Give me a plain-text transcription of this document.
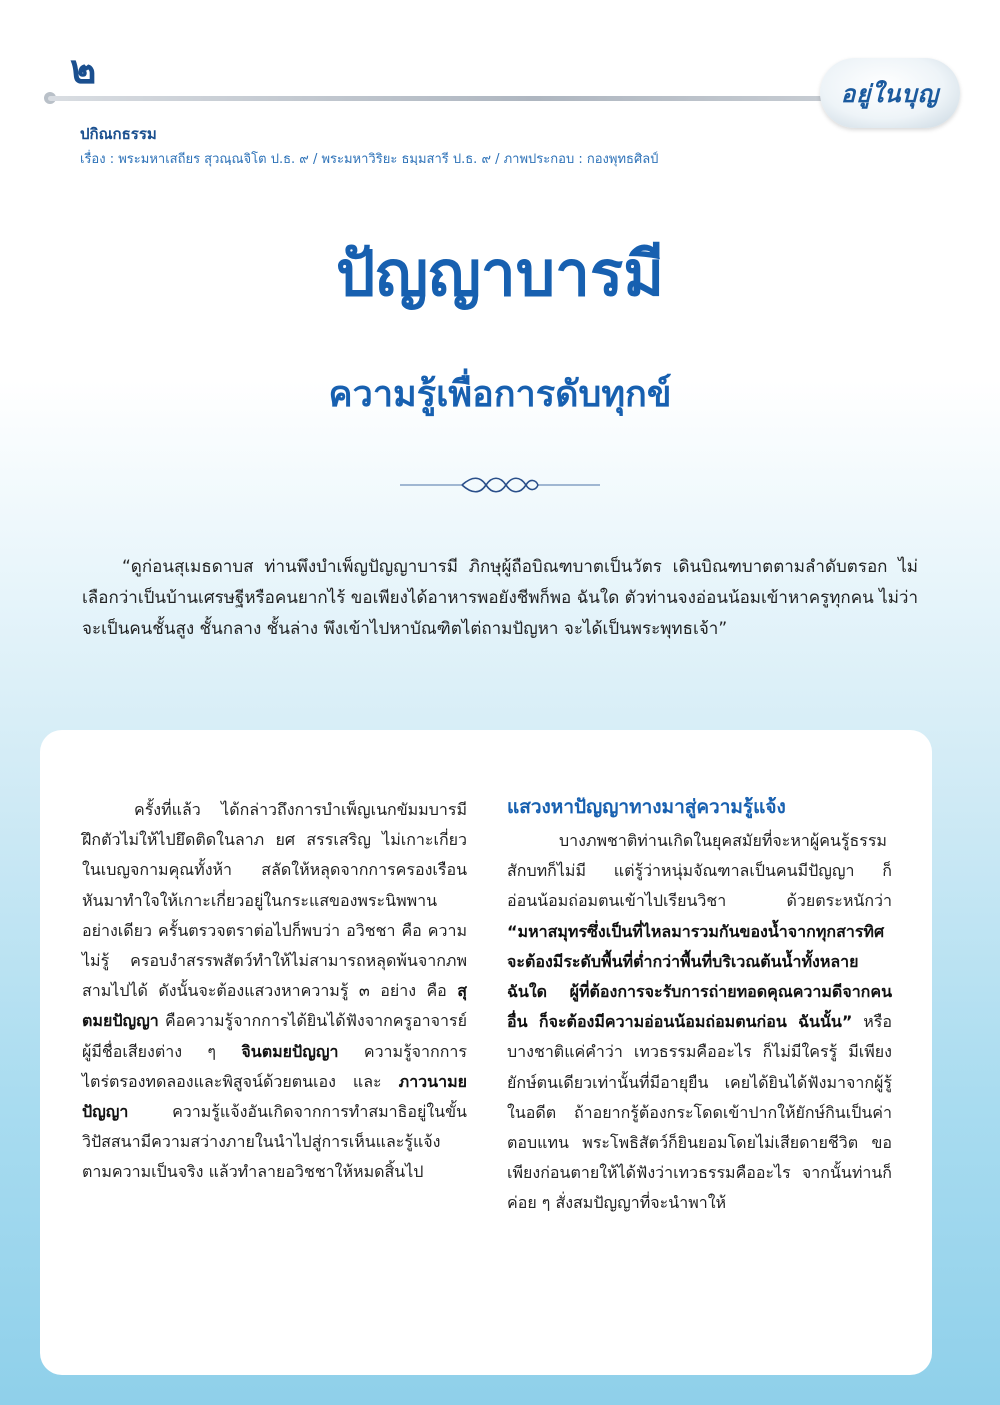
๒
อยู่ในบุญ
ปกิณกธรรม
เรื่อง : พระมหาเสถียร สุวณฺณจิโต ป.ธ. ๙ / พระมหาวิริยะ ธมฺมสารี ป.ธ. ๙ / ภาพประกอบ : กองพุทธศิลป์
ปัญญาบารมี
ความรู้เพื่อการดับทุกข์
“ดูก่อนสุเมธดาบส ท่านพึงบำเพ็ญปัญญาบารมี ภิกษุผู้ถือบิณฑบาตเป็นวัตร เดินบิณฑบาตตามลำดับตรอก ไม่เลือกว่าเป็นบ้านเศรษฐีหรือคนยากไร้ ขอเพียงได้อาหารพอยังชีพก็พอ ฉันใด ตัวท่านจงอ่อนน้อมเข้าหาครูทุกคน ไม่ว่าจะเป็นคนชั้นสูง ชั้นกลาง ชั้นล่าง พึงเข้าไปหาบัณฑิตไต่ถามปัญหา จะได้เป็นพระพุทธเจ้า”

ครั้งที่แล้ว ได้กล่าวถึงการบำเพ็ญเนกขัมมบารมี ฝึกตัวไม่ให้ไปยึดติดในลาภ ยศ สรรเสริญ ไม่เกาะเกี่ยวในเบญจกามคุณทั้งห้า สลัดให้หลุดจากการครองเรือน หันมาทำใจให้เกาะเกี่ยวอยู่ในกระแสของพระนิพพานอย่างเดียว ครั้นตรวจตราต่อไปก็พบว่า อวิชชา คือ ความไม่รู้ ครอบงำสรรพสัตว์ทำให้ไม่สามารถหลุดพ้นจากภพสามไปได้ ดังนั้นจะต้องแสวงหาความรู้ ๓ อย่าง คือ สุตมยปัญญา คือความรู้จากการได้ยินได้ฟังจากครูอาจารย์ผู้มีชื่อเสียงต่าง ๆ จินตมยปัญญา ความรู้จากการไตร่ตรองทดลองและพิสูจน์ด้วยตนเอง และ ภาวนามยปัญญา ความรู้แจ้งอันเกิดจากการทำสมาธิอยู่ในขั้นวิปัสสนามีความสว่างภายในนำไปสู่การเห็นและรู้แจ้งตามความเป็นจริง แล้วทำลายอวิชชาให้หมดสิ้นไป

แสวงหาปัญญาทางมาสู่ความรู้แจ้ง

บางภพชาติท่านเกิดในยุคสมัยที่จะหาผู้คนรู้ธรรมสักบทก็ไม่มี แต่รู้ว่าหนุ่มจัณฑาลเป็นคนมีปัญญา ก็อ่อนน้อมถ่อมตนเข้าไปเรียนวิชา ด้วยตระหนักว่า “มหาสมุทรซึ่งเป็นที่ไหลมารวมกันของน้ำจากทุกสารทิศ จะต้องมีระดับพื้นที่ต่ำกว่าพื้นที่บริเวณต้นน้ำทั้งหลาย ฉันใด ผู้ที่ต้องการจะรับการถ่ายทอดคุณความดีจากคนอื่น ก็จะต้องมีความอ่อนน้อมถ่อมตนก่อน ฉันนั้น” หรือบางชาติแค่คำว่า เทวธรรมคืออะไร ก็ไม่มีใครรู้ มีเพียงยักษ์ตนเดียวเท่านั้นที่มีอายุยืน เคยได้ยินได้ฟังมาจากผู้รู้ในอดีต ถ้าอยากรู้ต้องกระโดดเข้าปากให้ยักษ์กินเป็นค่าตอบแทน พระโพธิสัตว์ก็ยินยอมโดยไม่เสียดายชีวิต ขอเพียงก่อนตายให้ได้ฟังว่าเทวธรรมคืออะไร จากนั้นท่านก็ค่อย ๆ สั่งสมปัญญาที่จะนำพาให้
